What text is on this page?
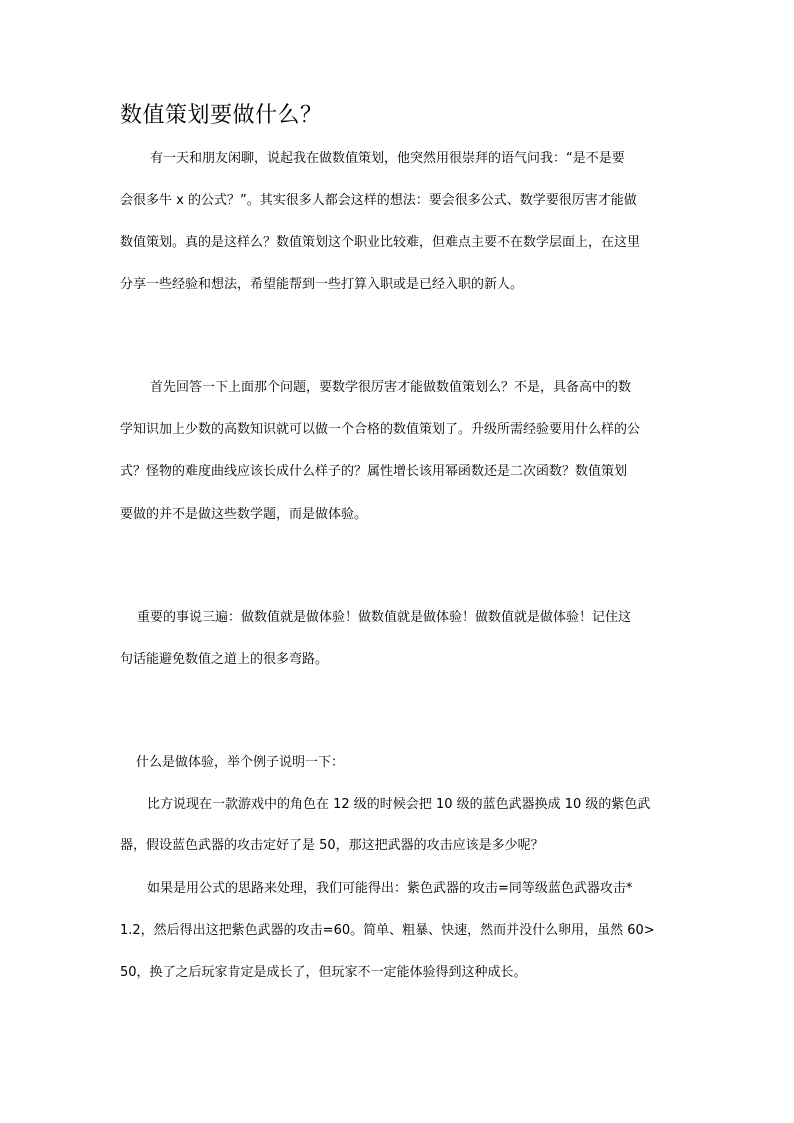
数值策划要做什么？
有一天和朋友闲聊，说起我在做数值策划，他突然用很崇拜的语气问我：“是不是要
会很多牛 x 的公式？”。其实很多人都会这样的想法：要会很多公式、数学要很厉害才能做
数值策划。真的是这样么？数值策划这个职业比较难，但难点主要不在数学层面上，在这里
分享一些经验和想法，希望能帮到一些打算入职或是已经入职的新人。
首先回答一下上面那个问题，要数学很厉害才能做数值策划么？不是，具备高中的数
学知识加上少数的高数知识就可以做一个合格的数值策划了。升级所需经验要用什么样的公
式？怪物的难度曲线应该长成什么样子的？属性增长该用幂函数还是二次函数？数值策划
要做的并不是做这些数学题，而是做体验。
重要的事说三遍：做数值就是做体验！做数值就是做体验！做数值就是做体验！记住这
句话能避免数值之道上的很多弯路。
什么是做体验，举个例子说明一下：
比方说现在一款游戏中的角色在 12 级的时候会把 10 级的蓝色武器换成 10 级的紫色武
器，假设蓝色武器的攻击定好了是 50，那这把武器的攻击应该是多少呢？
如果是用公式的思路来处理，我们可能得出：紫色武器的攻击=同等级蓝色武器攻击*
1.2，然后得出这把紫色武器的攻击=60。简单、粗暴、快速，然而并没什么卵用，虽然 60>
50，换了之后玩家肯定是成长了，但玩家不一定能体验得到这种成长。
